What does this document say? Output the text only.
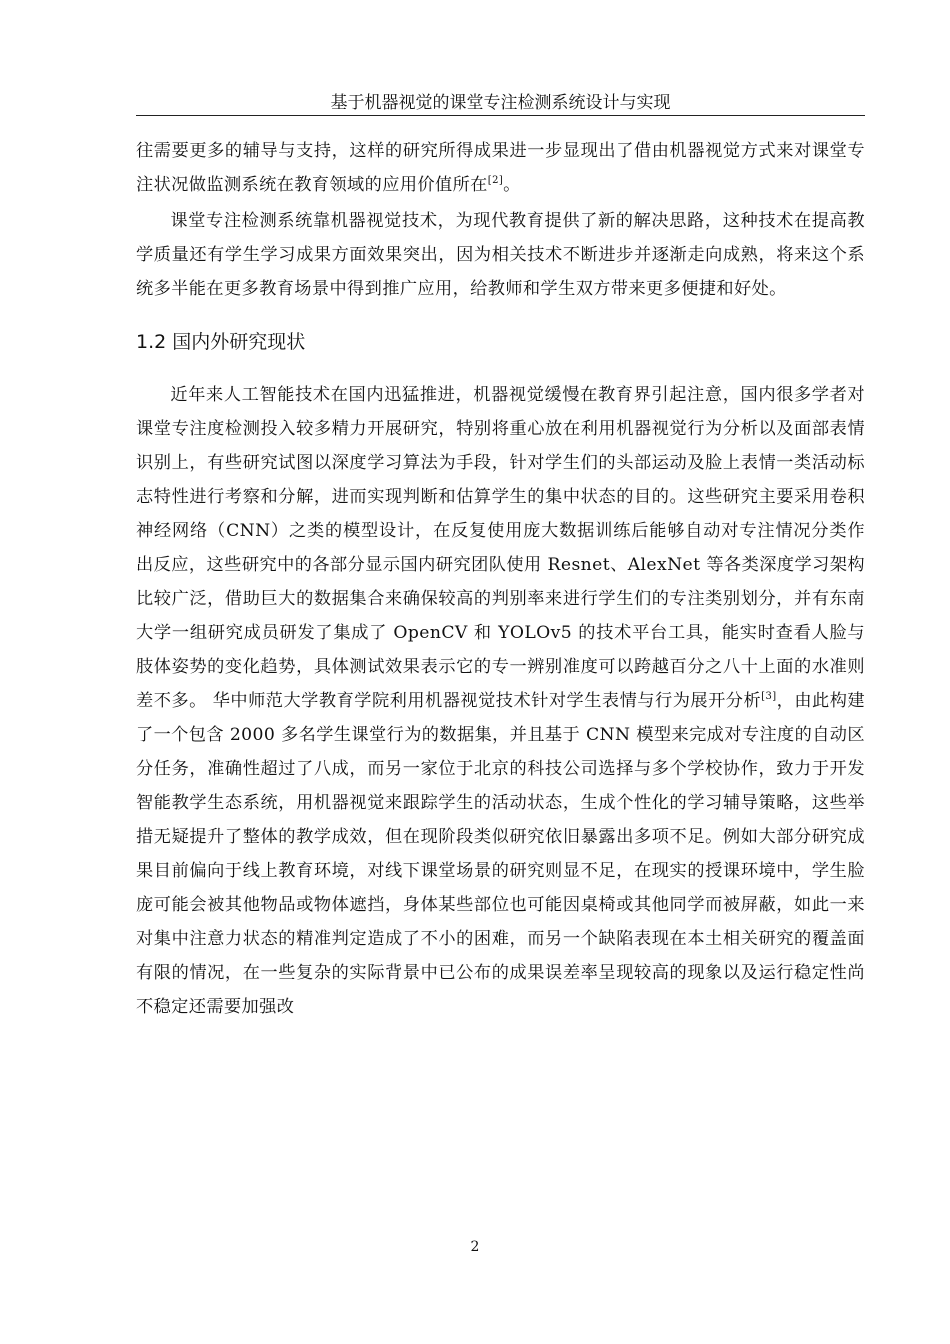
基于机器视觉的课堂专注检测系统设计与实现

往需要更多的辅导与支持，这样的研究所得成果进一步显现出了借由机器视觉方式来对课堂专注状况做监测系统在教育领域的应用价值所在[2]。

课堂专注检测系统靠机器视觉技术，为现代教育提供了新的解决思路，这种技术在提高教学质量还有学生学习成果方面效果突出，因为相关技术不断进步并逐渐走向成熟，将来这个系统多半能在更多教育场景中得到推广应用，给教师和学生双方带来更多便捷和好处。

1.2 国内外研究现状

近年来人工智能技术在国内迅猛推进，机器视觉缓慢在教育界引起注意，国内很多学者对课堂专注度检测投入较多精力开展研究，特别将重心放在利用机器视觉行为分析以及面部表情识别上，有些研究试图以深度学习算法为手段，针对学生们的头部运动及脸上表情一类活动标志特性进行考察和分解，进而实现判断和估算学生的集中状态的目的。这些研究主要采用卷积神经网络（CNN）之类的模型设计，在反复使用庞大数据训练后能够自动对专注情况分类作出反应，这些研究中的各部分显示国内研究团队使用 Resnet、AlexNet 等各类深度学习架构比较广泛，借助巨大的数据集合来确保较高的判别率来进行学生们的专注类别划分，并有东南大学一组研究成员研发了集成了 OpenCV 和 YOLOv5 的技术平台工具，能实时查看人脸与肢体姿势的变化趋势，具体测试效果表示它的专一辨别准度可以跨越百分之八十上面的水准则差不多。 华中师范大学教育学院利用机器视觉技术针对学生表情与行为展开分析[3]，由此构建了一个包含 2000 多名学生课堂行为的数据集，并且基于 CNN 模型来完成对专注度的自动区分任务，准确性超过了八成，而另一家位于北京的科技公司选择与多个学校协作，致力于开发智能教学生态系统，用机器视觉来跟踪学生的活动状态，生成个性化的学习辅导策略，这些举措无疑提升了整体的教学成效，但在现阶段类似研究依旧暴露出多项不足。例如大部分研究成果目前偏向于线上教育环境，对线下课堂场景的研究则显不足，在现实的授课环境中，学生脸庞可能会被其他物品或物体遮挡，身体某些部位也可能因桌椅或其他同学而被屏蔽，如此一来对集中注意力状态的精准判定造成了不小的困难，而另一个缺陷表现在本土相关研究的覆盖面有限的情况，在一些复杂的实际背景中已公布的成果误差率呈现较高的现象以及运行稳定性尚不稳定还需要加强改

2
